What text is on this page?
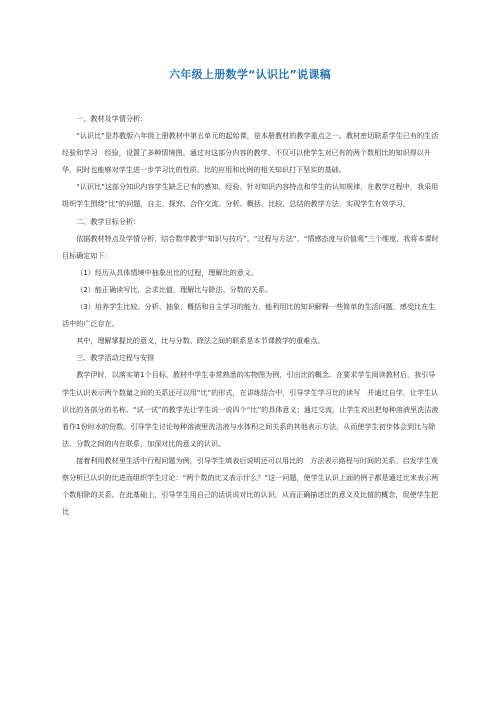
六年级上册数学“认识比”说课稿

一、教材及学情分析：

“认识比”是苏教版六年级上册教材中第五单元的起始课，是本册教材的教学重点之一。教材密切联系学生已有的生活经验和学习　经验，设置了多种情境图。通过对这部分内容的教学，不仅可以使学生对已有的两个数相比的知识得以升华，同时也能够对学生进一步学习比的性质、比的应用和比例的相关知识打下坚实的基础。

“认识比”这部分知识内容学生缺乏已有的感知、经验。针对知识内容特点和学生的认知规律，在教学过程中，我采用组织学生围绕“比”的问题，自主、探究、合作交流、分析、概括、比较、总结的教学方法，实现学生有效学习。

二、教学目标分析：

依据教材特点及学情分析，结合数学教学“知识与技巧”、“过程与方法”、“情感态度与价值观”三个维度，我将本课时目标确定如下：

（1）经历从具体情境中抽象出比的过程，理解比的意义。

（2）能正确读写比，会求比值，理解比与除法、分数的关系。

（3）培养学生比较、分析、抽象、概括和自主学习的能力，能利用比的知识解释一些简单的生活问题，感受比在生活中的广泛存在。

其中，理解掌握比的意义，比与分数、除法之间的联系是本节课教学的重难点。

三、教学活动过程与安排

教学伊时，以落实第1个目标，教材中学生非常熟悉的实物图为例，引出比的概念。在要求学生阅读教材后，我引导学生认识表示两个数量之间的关系还可以用“比”的形式，在讲练结合中，引导学生学习比的读写　并通过自学，让学生认识比的各部分的名称。“试一试”的教学先让学生说一说四个“比”的具体意义；通过交流，让学生说出把每种溶液里洗洁液看作1份时水的份数。引导学生讨论每种溶液里洗洁液与水体积之间关系的其他表示方法，从而使学生初步体会到比与除法、分数之间的内在联系，加深对比的意义的认识。

接着利用教材里生活中行程问题为例，引导学生填表后说明还可以用比的　方法表示路程与时间的关系。启发学生观察分析已认识的比进而组织学生讨论：“两个数的比又表示什么？”这一问题，使学生认识上面的例子都是通过比来表示两个数相除的关系。在此基础上，引导学生用自己的话说说对比的认识，从而正确描述比的意义及比值的概念，促使学生把比
